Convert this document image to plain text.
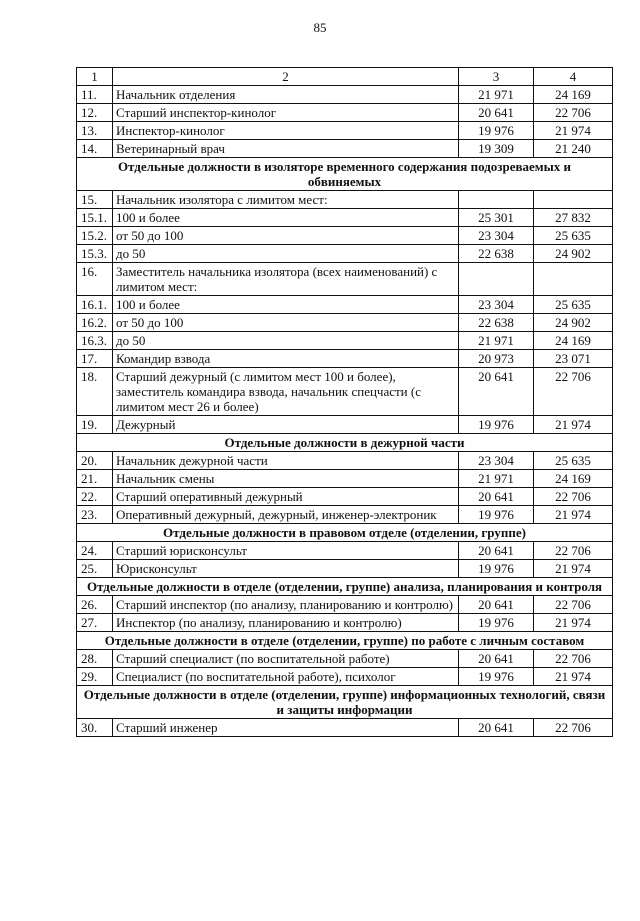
85
1	2	3	4
11.	Начальник отделения	21 971	24 169
12.	Старший инспектор-кинолог	20 641	22 706
13.	Инспектор-кинолог	19 976	21 974
14.	Ветеринарный врач	19 309	21 240
Отдельные должности в изоляторе временного содержания подозреваемых и обвиняемых			
15.	Начальник изолятора с лимитом мест:		
15.1.	100 и более	25 301	27 832
15.2.	от 50 до 100	23 304	25 635
15.3.	до 50	22 638	24 902
16.	Заместитель начальника изолятора (всех наименований) с лимитом мест:		
16.1.	100 и более	23 304	25 635
16.2.	от 50 до 100	22 638	24 902
16.3.	до 50	21 971	24 169
17.	Командир взвода	20 973	23 071
18.	Старший дежурный (с лимитом мест 100 и более), заместитель командира взвода, начальник спецчасти (с лимитом мест 26 и более)	20 641	22 706
19.	Дежурный	19 976	21 974
Отдельные должности в дежурной части			
20.	Начальник дежурной части	23 304	25 635
21.	Начальник смены	21 971	24 169
22.	Старший оперативный дежурный	20 641	22 706
23.	Оперативный дежурный, дежурный, инженер-электроник	19 976	21 974
Отдельные должности в правовом отделе (отделении, группе)			
24.	Старший юрисконсульт	20 641	22 706
25.	Юрисконсульт	19 976	21 974
Отдельные должности в отделе (отделении, группе) анализа, планирования и контроля			
26.	Старший инспектор (по анализу, планированию и контролю)	20 641	22 706
27.	Инспектор (по анализу, планированию и контролю)	19 976	21 974
Отдельные должности в отделе (отделении, группе) по работе с личным составом			
28.	Старший специалист (по воспитательной работе)	20 641	22 706
29.	Специалист (по воспитательной работе), психолог	19 976	21 974
Отдельные должности в отделе (отделении, группе) информационных технологий, связи и защиты информации			
30.	Старший инженер	20 641	22 706
